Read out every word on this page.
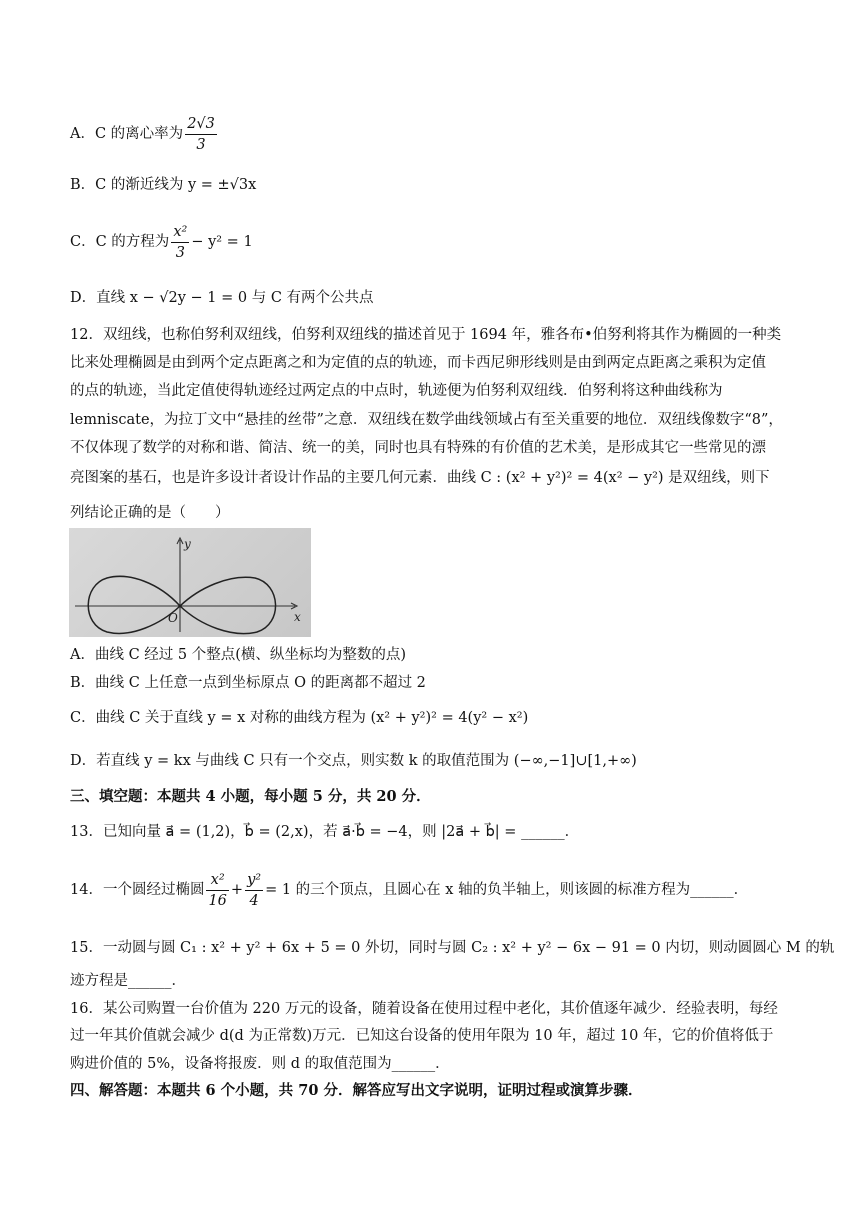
A．C 的离心率为 $\frac{2√3}{3}$
B．C 的渐近线为 y = ±√3x
C．C 的方程为 $\frac{\text{x²}}{3} - y^2 = 1$
D．直线 x − √2y − 1 = 0 与 C 有两个公共点
12．双纽线，也称伯努利双纽线，伯努利双纽线的描述首见于 1694 年，雅各布•伯努利将其作为椭圆的一种类
比来处理椭圆是由到两个定点距离之和为定值的点的轨迹，而卡西尼卵形线则是由到两定点距离之乘积为定值
的点的轨迹，当此定值使得轨迹经过两定点的中点时，轨迹便为伯努利双纽线．伯努利将这种曲线称为
lemniscate，为拉丁文中“悬挂的丝带”之意．双纽线在数学曲线领域占有至关重要的地位．双纽线像数字“8”，
不仅体现了数学的对称和谐、简洁、统一的美，同时也具有特殊的有价值的艺术美，是形成其它一些常见的漂
亮图案的基石，也是许多设计者设计作品的主要几何元素．曲线 C : (x² + y²)² = 4(x² − y²) 是双纽线，则下
列结论正确的是（　　）
y
x
O
A．曲线 C 经过 5 个整点(横、纵坐标均为整数的点)
B．曲线 C 上任意一点到坐标原点 O 的距离都不超过 2
C．曲线 C 关于直线 y = x 对称的曲线方程为 (x² + y²)² = 4(y² − x²)
D．若直线 y = kx 与曲线 C 只有一个交点，则实数 k 的取值范围为 (−∞,−1]∪[1,+∞)
三、填空题：本题共 4 小题，每小题 5 分，共 20 分．
13．已知向量 a⃗ = (1,2)，b⃗ = (2,x)，若 a⃗·b⃗ = −4，则 |2a⃗ + b⃗| = ______．
14．一个圆经过椭圆 $\frac{\text{x²}}{16} + \frac{\text{y²}}{4} = 1$ 的三个顶点，且圆心在 x 轴的负半轴上，则该圆的标准方程为______．
15．一动圆与圆 C₁ : x² + y² + 6x + 5 = 0 外切，同时与圆 C₂ : x² + y² − 6x − 91 = 0 内切，则动圆圆心 M 的轨
迹方程是______．
16．某公司购置一台价值为 220 万元的设备，随着设备在使用过程中老化，其价值逐年减少．经验表明，每经
过一年其价值就会减少 d(d 为正常数)万元．已知这台设备的使用年限为 10 年，超过 10 年，它的价值将低于
购进价值的 5%，设备将报废．则 d 的取值范围为______．
四、解答题：本题共 6 个小题，共 70 分．解答应写出文字说明，证明过程或演算步骤．
